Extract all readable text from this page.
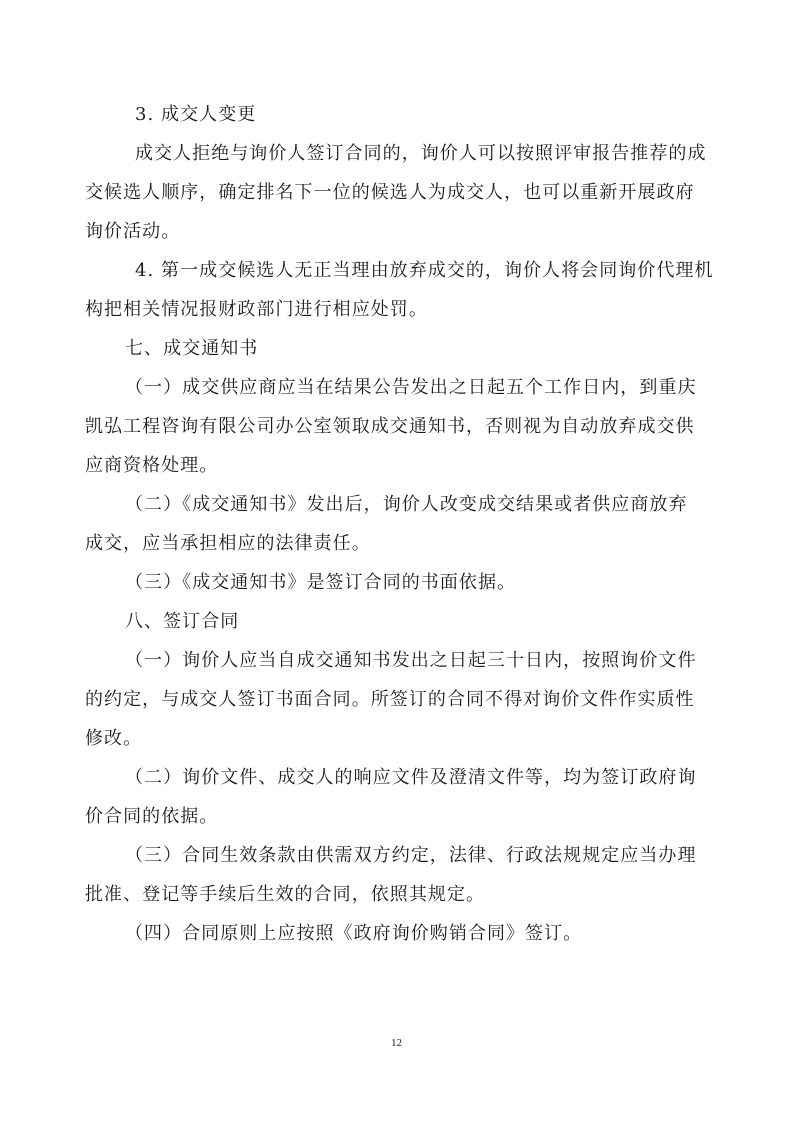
3. 成交人变更
成交人拒绝与询价人签订合同的，询价人可以按照评审报告推荐的成
交候选人顺序，确定排名下一位的候选人为成交人，也可以重新开展政府
询价活动。
4. 第一成交候选人无正当理由放弃成交的，询价人将会同询价代理机
构把相关情况报财政部门进行相应处罚。
七、成交通知书
（一）成交供应商应当在结果公告发出之日起五个工作日内，到重庆
凯弘工程咨询有限公司办公室领取成交通知书，否则视为自动放弃成交供
应商资格处理。
（二）《成交通知书》发出后，询价人改变成交结果或者供应商放弃
成交，应当承担相应的法律责任。
（三）《成交通知书》是签订合同的书面依据。
八、签订合同
（一）询价人应当自成交通知书发出之日起三十日内，按照询价文件
的约定，与成交人签订书面合同。所签订的合同不得对询价文件作实质性
修改。
（二）询价文件、成交人的响应文件及澄清文件等，均为签订政府询
价合同的依据。
（三）合同生效条款由供需双方约定，法律、行政法规规定应当办理
批准、登记等手续后生效的合同，依照其规定。
（四）合同原则上应按照《政府询价购销合同》签订。
12
